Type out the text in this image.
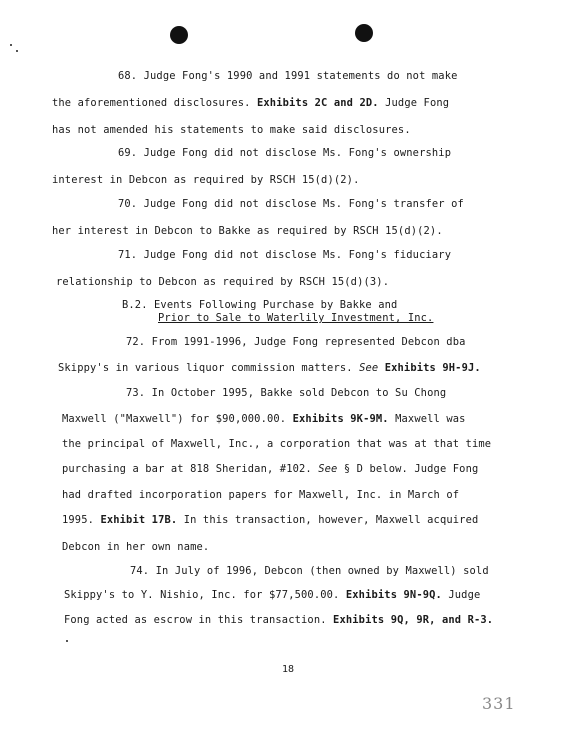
68. Judge Fong's 1990 and 1991 statements do not make
the aforementioned disclosures. Exhibits 2C and 2D. Judge Fong
has not amended his statements to make said disclosures.
69. Judge Fong did not disclose Ms. Fong's ownership
interest in Debcon as required by RSCH 15(d)(2).
70. Judge Fong did not disclose Ms. Fong's transfer of
her interest in Debcon to Bakke as required by RSCH 15(d)(2).
71. Judge Fong did not disclose Ms. Fong's fiduciary
relationship to Debcon as required by RSCH 15(d)(3).
B.2. Events Following Purchase by Bakke and
Prior to Sale to Waterlily Investment, Inc.
72. From 1991-1996, Judge Fong represented Debcon dba
Skippy's in various liquor commission matters. See Exhibits 9H-9J.
73. In October 1995, Bakke sold Debcon to Su Chong
Maxwell ("Maxwell") for $90,000.00. Exhibits 9K-9M. Maxwell was
the principal of Maxwell, Inc., a corporation that was at that time
purchasing a bar at 818 Sheridan, #102. See § D below. Judge Fong
had drafted incorporation papers for Maxwell, Inc. in March of
1995. Exhibit 17B. In this transaction, however, Maxwell acquired
Debcon in her own name.
74. In July of 1996, Debcon (then owned by Maxwell) sold
Skippy's to Y. Nishio, Inc. for $77,500.00. Exhibits 9N-9Q. Judge
Fong acted as escrow in this transaction. Exhibits 9Q, 9R, and R-3.
18
331
